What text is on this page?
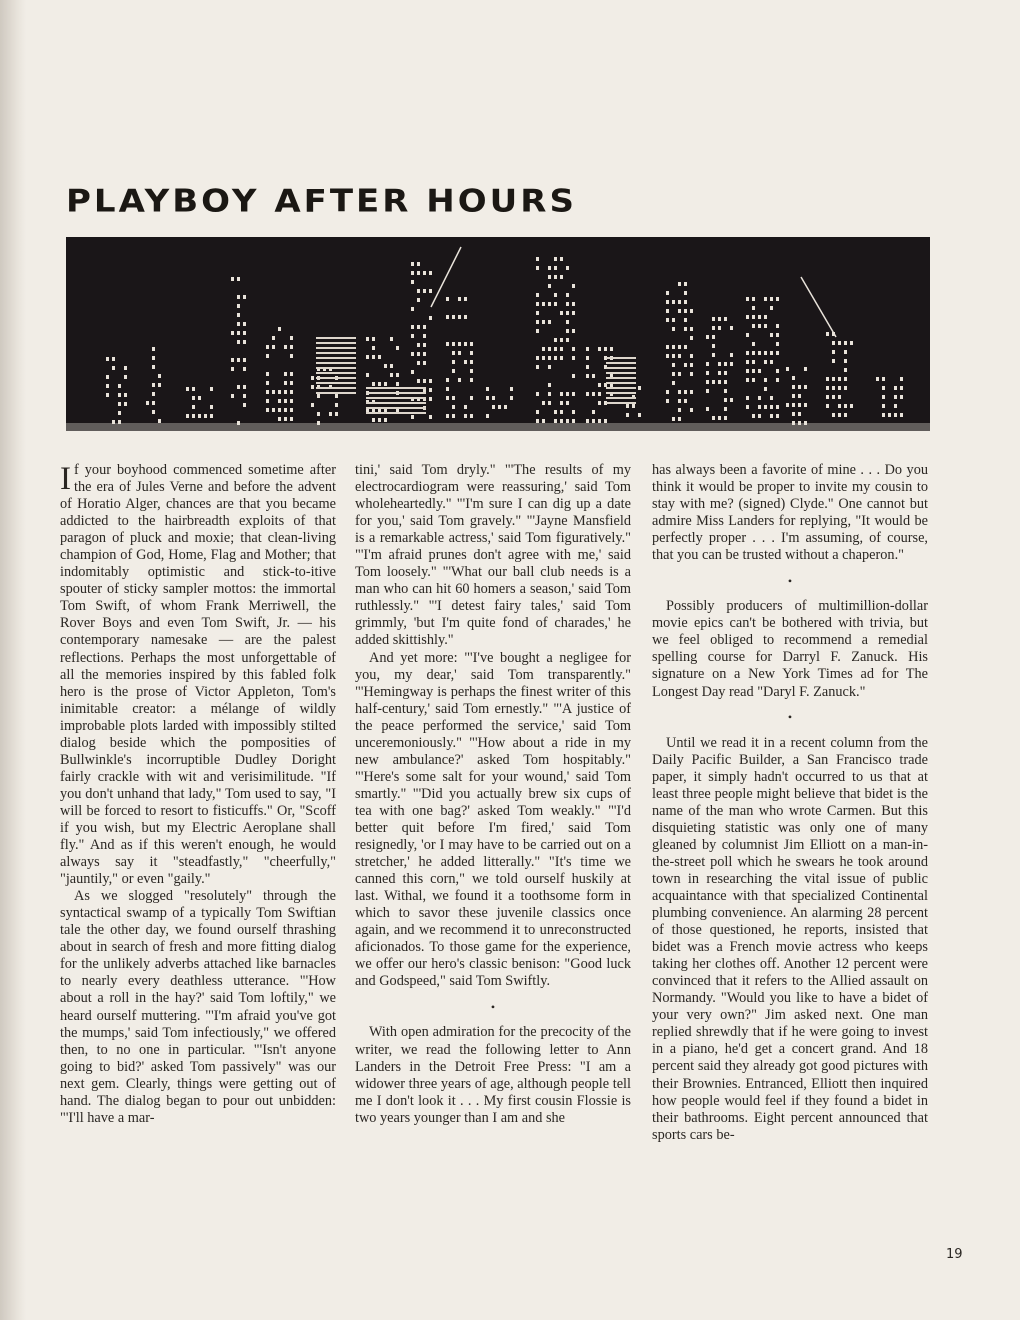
PLAYBOY AFTER HOURS

If your boyhood commenced sometime after the era of Jules Verne and before the advent of Horatio Alger, chances are that you became addicted to the hairbreadth exploits of that paragon of pluck and moxie; that clean-living champion of God, Home, Flag and Mother; that indomitably optimistic and stick-to-itive spouter of sticky sampler mottos: the immortal Tom Swift, of whom Frank Merriwell, the Rover Boys and even Tom Swift, Jr. — his contemporary namesake — are the palest reflections. Perhaps the most unforgettable of all the memories inspired by this fabled folk hero is the prose of Victor Appleton, Tom's inimitable creator: a mélange of wildly improbable plots larded with impossibly stilted dialog beside which the pomposities of Bullwinkle's incorruptible Dudley Doright fairly crackle with wit and verisimilitude. "If you don't unhand that lady," Tom used to say, "I will be forced to resort to fisticuffs." Or, "Scoff if you wish, but my Electric Aeroplane shall fly." And as if this weren't enough, he would always say it "steadfastly," "cheerfully," "jauntily," or even "gaily."

As we slogged "resolutely" through the syntactical swamp of a typically Tom Swiftian tale the other day, we found ourself thrashing about in search of fresh and more fitting dialog for the unlikely adverbs attached like barnacles to nearly every deathless utterance. "'How about a roll in the hay?' said Tom loftily," we heard ourself muttering. "'I'm afraid you've got the mumps,' said Tom infectiously," we offered then, to no one in particular. "'Isn't anyone going to bid?' asked Tom passively" was our next gem. Clearly, things were getting out of hand. The dialog began to pour out unbidden: "'I'll have a mar-

tini,' said Tom dryly." "'The results of my electrocardiogram were reassuring,' said Tom wholeheartedly." "'I'm sure I can dig up a date for you,' said Tom gravely." "'Jayne Mansfield is a remarkable actress,' said Tom figuratively." "'I'm afraid prunes don't agree with me,' said Tom loosely." "'What our ball club needs is a man who can hit 60 homers a season,' said Tom ruthlessly." "'I detest fairy tales,' said Tom grimmly, 'but I'm quite fond of charades,' he added skittishly."

And yet more: "'I've bought a negligee for you, my dear,' said Tom transparently." "'Hemingway is perhaps the finest writer of this half-century,' said Tom ernestly." "'A justice of the peace performed the service,' said Tom unceremoniously." "'How about a ride in my new ambulance?' asked Tom hospitably." "'Here's some salt for your wound,' said Tom smartly." "'Did you actually brew six cups of tea with one bag?' asked Tom weakly." "'I'd better quit before I'm fired,' said Tom resignedly, 'or I may have to be carried out on a stretcher,' he added litterally." "It's time we canned this corn," we told ourself huskily at last. Withal, we found it a toothsome form in which to savor these juvenile classics once again, and we recommend it to unreconstructed aficionados. To those game for the experience, we offer our hero's classic benison: "Good luck and Godspeed," said Tom Swiftly.

•

With open admiration for the precocity of the writer, we read the following letter to Ann Landers in the Detroit Free Press: "I am a widower three years of age, although people tell me I don't look it . . . My first cousin Flossie is two years younger than I am and she

has always been a favorite of mine . . . Do you think it would be proper to invite my cousin to stay with me? (signed) Clyde." One cannot but admire Miss Landers for replying, "It would be perfectly proper . . . I'm assuming, of course, that you can be trusted without a chaperon."

•

Possibly producers of multimillion-dollar movie epics can't be bothered with trivia, but we feel obliged to recommend a remedial spelling course for Darryl F. Zanuck. His signature on a New York Times ad for The Longest Day read "Daryl F. Zanuck."

•

Until we read it in a recent column from the Daily Pacific Builder, a San Francisco trade paper, it simply hadn't occurred to us that at least three people might believe that bidet is the name of the man who wrote Carmen. But this disquieting statistic was only one of many gleaned by columnist Jim Elliott on a man-in-the-street poll which he swears he took around town in researching the vital issue of public acquaintance with that specialized Continental plumbing convenience. An alarming 28 percent of those questioned, he reports, insisted that bidet was a French movie actress who keeps taking her clothes off. Another 12 percent were convinced that it refers to the Allied assault on Normandy. "Would you like to have a bidet of your very own?" Jim asked next. One man replied shrewdly that if he were going to invest in a piano, he'd get a concert grand. And 18 percent said they already got good pictures with their Brownies. Entranced, Elliott then inquired how people would feel if they found a bidet in their bathrooms. Eight percent announced that sports cars be-

19
